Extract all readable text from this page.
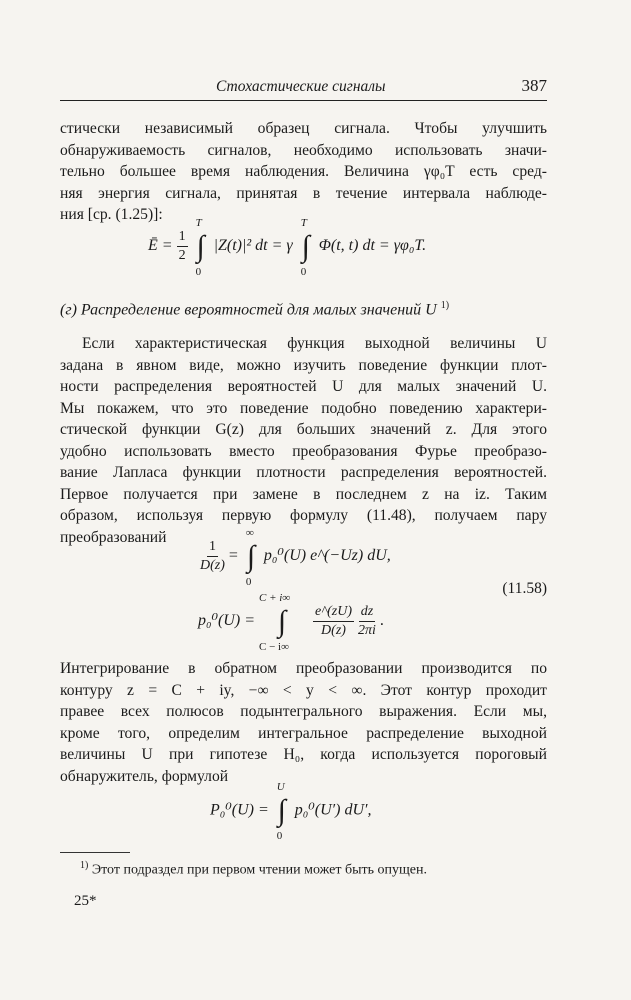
Стохастические сигналы	387
стически независимый образец сигнала. Чтобы улучшить
обнаруживаемость сигналов, необходимо использовать значи-
тельно большее время наблюдения. Величина γφ₀T есть сред-
няя энергия сигнала, принятая в течение интервала наблюде-
ния [ср. (1.25)]:
Ē = $\frac{1}{2}$ ∫
T
0
|Z(t)|² dt = γ ∫
T
0
Φ(t, t) dt = γφ₀T.
(г) Распределение вероятностей для малых значений U $^{1)}$
Если характеристическая функция выходной величины U
задана в явном виде, можно изучить поведение функции плот-
ности распределения вероятностей U для малых значений U.
Мы покажем, что это поведение подобно поведению характери-
стической функции G(z) для больших значений z. Для этого
удобно использовать вместо преобразования Фурье преобразо-
вание Лапласа функции плотности распределения вероятностей.
Первое получается при замене в последнем z на iz. Таким
образом, используя первую формулу (11.48), получаем пару
преобразований
$\frac{1}{D(z)}$ = ∫
∞
0
p₀⁰(U) e^(−Uz) dU,
p₀⁰(U) = ∫
C + i∞
C − i∞

$\frac{e\^{}(zU)}{D(z)}$
$\frac{dz}{2\pi i}$ .
(11.58)
Интегрирование в обратном преобразовании производится по
контуру z = C + iy, −∞ < y < ∞. Этот контур проходит
правее всех полюсов подынтегрального выражения. Если мы,
кроме того, определим интегральное распределение выходной
величины U при гипотезе H₀, когда используется пороговый
обнаружитель, формулой
P₀⁰(U) = ∫
U
0
p₀⁰(U′) dU′,
$^{1)}$ Этот подраздел при первом чтении может быть опущен.
25*
